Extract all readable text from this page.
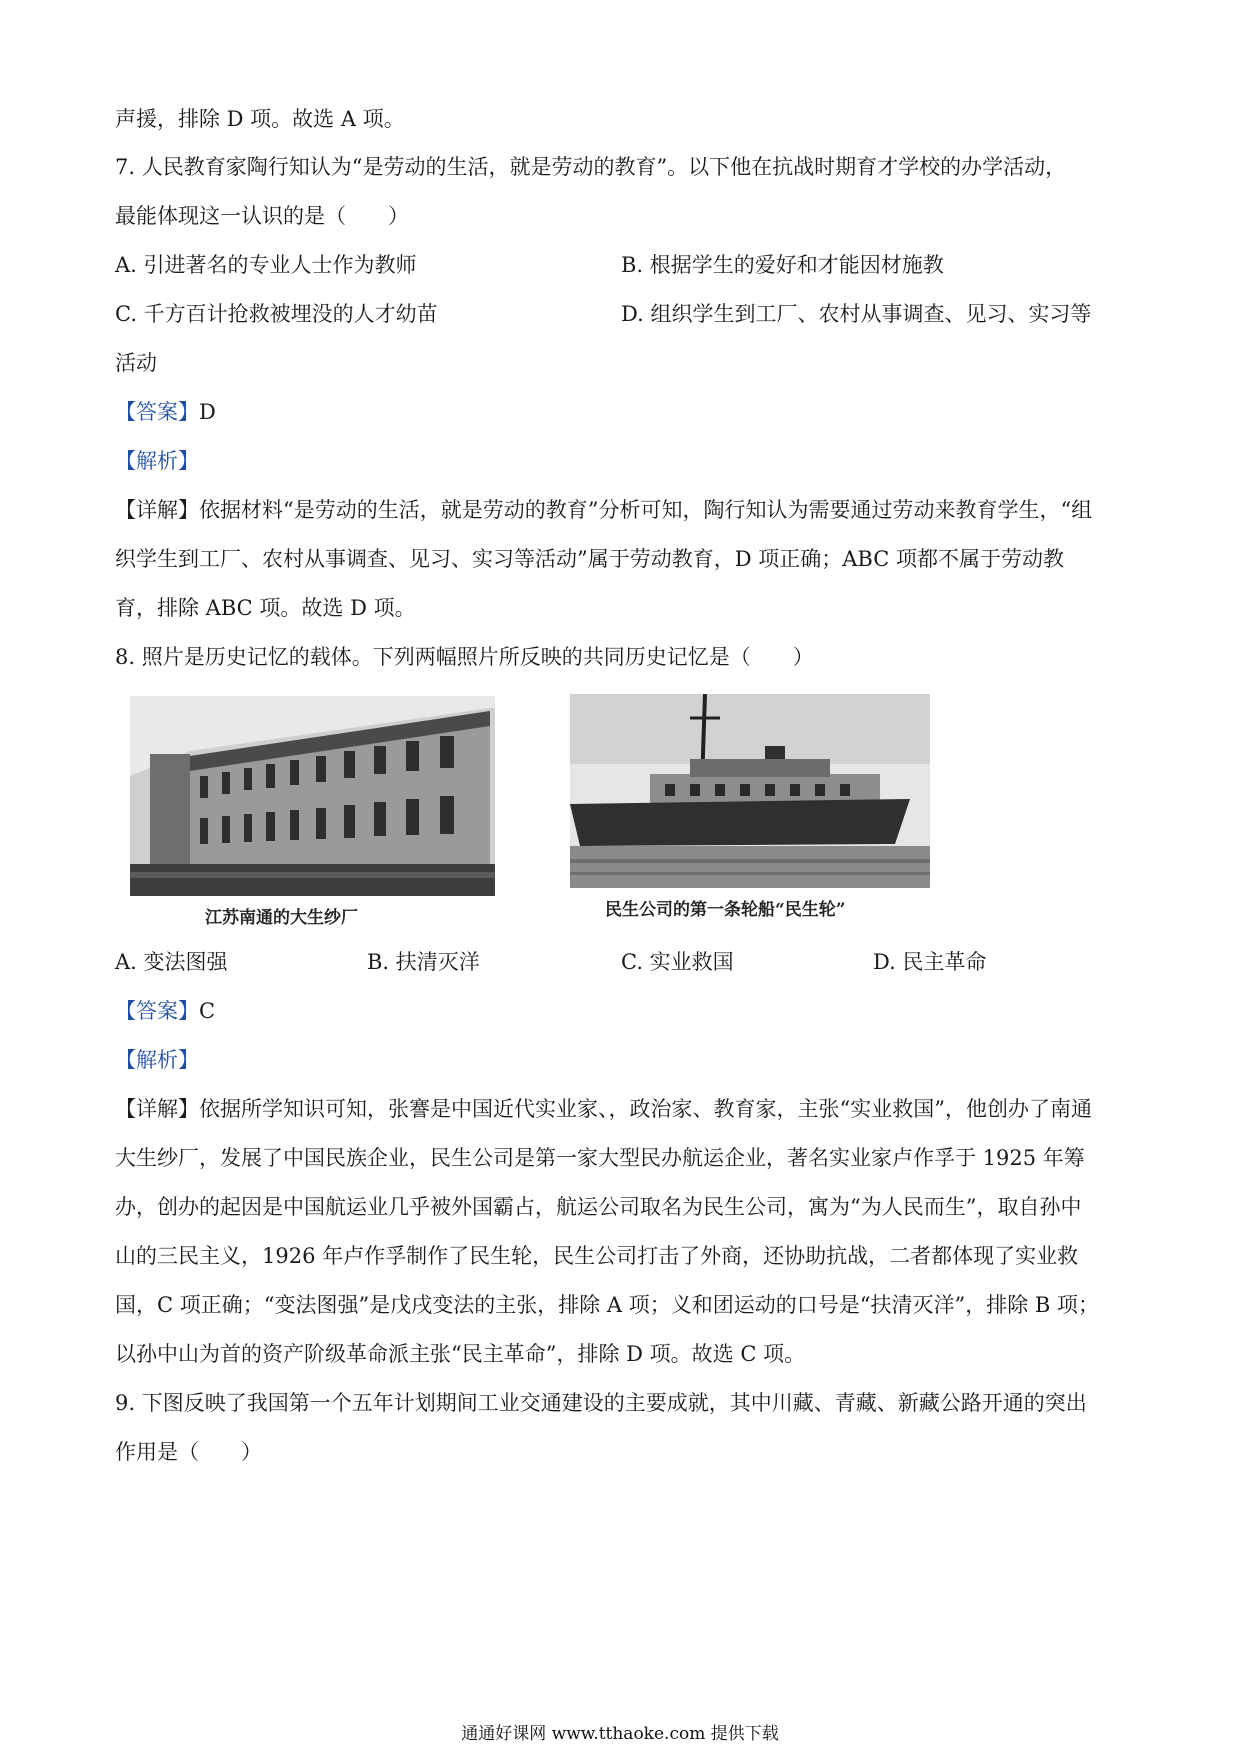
声援，排除 D 项。故选 A 项。
7. 人民教育家陶行知认为“是劳动的生活，就是劳动的教育”。以下他在抗战时期育才学校的办学活动，
最能体现这一认识的是（　　）
A. 引进著名的专业人士作为教师	B. 根据学生的爱好和才能因材施教
C. 千方百计抢救被埋没的人才幼苗	D. 组织学生到工厂、农村从事调查、见习、实习等
活动
【答案】D
【解析】
【详解】依据材料“是劳动的生活，就是劳动的教育”分析可知，陶行知认为需要通过劳动来教育学生，“组
织学生到工厂、农村从事调查、见习、实习等活动”属于劳动教育，D 项正确；ABC 项都不属于劳动教
育，排除 ABC 项。故选 D 项。
8. 照片是历史记忆的载体。下列两幅照片所反映的共同历史记忆是（　　）
江苏南通的大生纱厂	民生公司的第一条轮船“民生轮”
A. 变法图强	B. 扶清灭洋	C. 实业救国	D. 民主革命
【答案】C
【解析】
【详解】依据所学知识可知，张謇是中国近代实业家、，政治家、教育家，主张“实业救国”，他创办了南通
大生纱厂，发展了中国民族企业，民生公司是第一家大型民办航运企业，著名实业家卢作孚于 1925 年筹
办，创办的起因是中国航运业几乎被外国霸占，航运公司取名为民生公司，寓为“为人民而生”，取自孙中
山的三民主义，1926 年卢作孚制作了民生轮，民生公司打击了外商，还协助抗战，二者都体现了实业救
国，C 项正确；“变法图强”是戊戌变法的主张，排除 A 项；义和团运动的口号是“扶清灭洋”，排除 B 项；
以孙中山为首的资产阶级革命派主张“民主革命”，排除 D 项。故选 C 项。
9. 下图反映了我国第一个五年计划期间工业交通建设的主要成就，其中川藏、青藏、新藏公路开通的突出
作用是（　　）
通通好课网 www.tthaoke.com 提供下载
